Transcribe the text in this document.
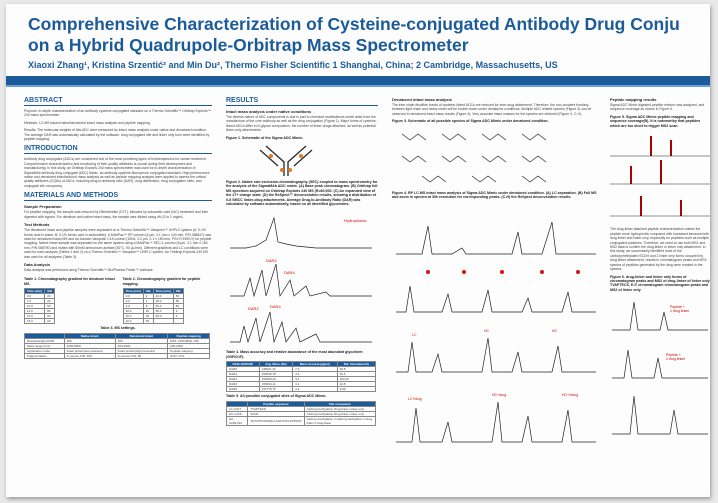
Comprehensive Characterization of Cysteine-conjugated Antibody Drug Conju
on a Hybrid Quadrupole-Orbitrap Mass Spectrometer
Xiaoxi Zhang¹, Kristina Srzentić² and Min Du², Thermo Fisher Scientific 1 Shanghai, China; 2 Cambridge, Massachusetts, US
ABSTRACT
Purpose: In-depth characterization of an antibody cysteine-conjugated standard on a Thermo Scientific™ Orbitrap Exploris™ 240 mass spectrometer.
Methods: LC-MS based native/denatured intact mass analysis and peptide mapping.
Results: The molecular weights of this ADC were measured by intact mass analysis under native and denatured condition. The average DAR was automatically calculated by the software; drug conjugated site and linker only form were identified by peptide mapping.
INTRODUCTION
Antibody drug conjugates (ADCs) are considered one of the most promising types of biotherapeutics for cancer treatment. Comprehensive characterization and monitoring of their quality attributes is crucial during their development and manufacturing. In this study, an Orbitrap Exploris 240 mass spectrometer was used for in-depth characterization of SigmaMAb antibody drug conjugate (ADC) Mimic, an antibody cysteine-fluorophore conjugated standard. High performance native and denatured intact/subunit mass analysis as well as peptide mapping analysis were applied to assess the critical quality attributes (CQAs) of ADCs, including drug-to-antibody ratio (DAR), drug distribution, drug conjugation sites, and conjugate site occupancy.
MATERIALS AND METHODS
Sample Preparation
For peptide mapping, the sample was reduced by Dithiothreitol (DTT), followed by iodoacetic acid (IAC) treatment and then digested with trypsin. For denature and native intact mass, the sample was diluted using dH₂O to 1 mg/mL.
Test Methods
The denatured intact and peptide samples were separated on a Thermo Scientific™ Vanquish™ UHPLC system (A: 0.1% formic acid in water, B: 0.1% formic acid in acetonitrile). A MAbPac™ RP column (4 μm, 2.1 mm x 100 mm, P/N 088647) was used for denatured intact MS and an Acclaim Vanquish C18 column (150A, 2.2 μm, 2.1 x 150 mm, P/N 071399-V) for peptide mapping. Native intact sample was separated on the same system using a MAbPac™ SEC-1 column (5 μm, 2.1 mm x 150 mm, P/N 088790) and eluted with 50mM ammonium acetate (30°C, 90 μL/min). Different gradients and LC conditions were used for each analysis (Tables 1 and 2) on a Thermo Scientific™ Vanquish™ UHPLC system. An Orbitrap Exploris 240 MS was used for all analyses (Table 3).
Data Analysis
Data analysis was performed using Thermo Scientific™ BioPharma Finder™ software.
Table 1. Chromatography gradient for denature intact MS.
Time (min)	%B
0.0	20
1.0	20
10.0	60
12.0	80
13.0	20
15.0	20
Table 2. Chromatography gradient for peptide mapping.
Time (min)	%B	Time (min)	%B
0.0	2	44.0	50
2.0	2	45.0	80
4.0	8	55.0	80
30.0	20	56.0	2
40.0	35	65.0	2
42.0	45		
Table 3. MS settings.
	Native intact	Denatured intact	Peptide mapping
Resolution@m/z200	60K	30K	MS1: 120K/MS2: 15K
Mass range (m/z)	2000-8000	600-4000	200-2000
Application mode	Intact protein(low pressure)	Intact protein(high pressure)	Peptide mapping
Fragmentation	In-source CID: 100	In-source CID: 60	HCD: 27%
RESULTS
Intact mass analysis under native conditions
The diverse nature of ADC components is due in part to chemical modifications which arise from the manufacture of the core antibody as well as the drug conjugation (Figure 1). Major forms of cysteine-linked ADCs differ in N-glycan composition, the number of linker-drugs attached, as well as potential linker-only attachments.
Figure 1. Schematic of the Sigma ADC Mimic.
Figure 2. Native size exclusion-chromatography (SEC) coupled to mass spectrometry for the analysis of the SigmaMAb ADC mimic. (A) Base peak chromatogram. (B) Orbitrap full MS spectrum acquired on Orbitrap Exploris 240 MS (R=60,000. (C) An expanded view of the 27+ charge state. (D) the ReSpect™ deconvolution results, showing a distribution of 0-8 SMCC linker-drug attachments. Average Drug-to-Antibody Ratio (DAR) was calculated by software automatically, based on all identified glycoforms.
Hydrophobic
DAR2
DAR4
DAR2	DAR4
Table 4. Mass accuracy and relative abundance of the most abundant glycoform (G0F/G1F).
DAR+G0F/G0F	Avg. Mass (Da)	Mass Accuracy(ppm)	Rel. Abundance%
DAR0	148221.31	7.2	20.8
DAR2	150645.78	4.9	49.6
DAR4	153069.29	3.4	100.00
DAR6	155494.11	3.1	42.8
DAR8	157778.75	4.3	9.96
Table 5. All possible conjugated sites of Sigma ADC Mimic.
	Peptide sequence	Site occupancy
LC-C217	TVAPTECS	Carboxymethylation Drug-linker Linker only
HC-C226	SCDK	Carboxymethylation Drug-linker Linker only
HC-C229,232	THTCPPCPAPELLGGPSVFLFPPKPK	Carboxymethylation 2 carboxymethylation 1 drug-linker 2 drug-linker
Denatured intact mass analysis
The inter chain disulfide bonds of cysteine-linked ADCs are reduced for inter-drug attachment. Therefore, the non-covalent bonding between light chain and heavy chain will be broken down under denatured conditions. Multiple ADC related species (Figure 3) can be observed in denatured intact mass results (Figure 4). Very accurate intact masses for the species are obtained (Figure 4, C-H).
Figure 3. Schematic of all possible species of Sigma ADC Mimic under denatured condition.
Figure 4. RP LC-MS intact mass analysis of Sigma ADC Mimic under denatured condition. (A) LC separation. (B) Full MS and zoom in spectra at 30k resolution for corresponding peaks. (C-H) the ReSpect deconvolution results.
LC
HC	HC
LC+drug
HC+drug	HC+2drug
Peptide mapping results
Sigma ADC Mimic digested peptide mixture was analyzed, and sequence coverage as shown in Figure 5.
Figure 5. Sigma ADC Mimic peptide mapping and sequence coverage(B). It is noteworthy that peptides which are too short to trigger MS2 scan.
The drug-linker attached peptide characterization makes the peptide more hydrophobic compared with increased because both drug linker and linker only, especially for peptides such as multiple conjugated cysteines. Therefore, we need to use both MS1 and MS2 data to confirm the drug-linker or linker only attachment. In this study, we successfully identified most of the carboxymethylated SCDH and 2 linker only forms occupied by drug-linker attachment, results in chromatogram peaks and MS2 spectra of peptides generated by the drug were marked in the spectra.
Figure 6. drug-linker and linker only forms of chromatogram peaks and MS2 of drug-linker of linker only TVAPTECS, E-F, chromatogram chromatogram peaks and MS2 of linker only
Peptide +
1 drug linker
Peptide +
2 drug linker
